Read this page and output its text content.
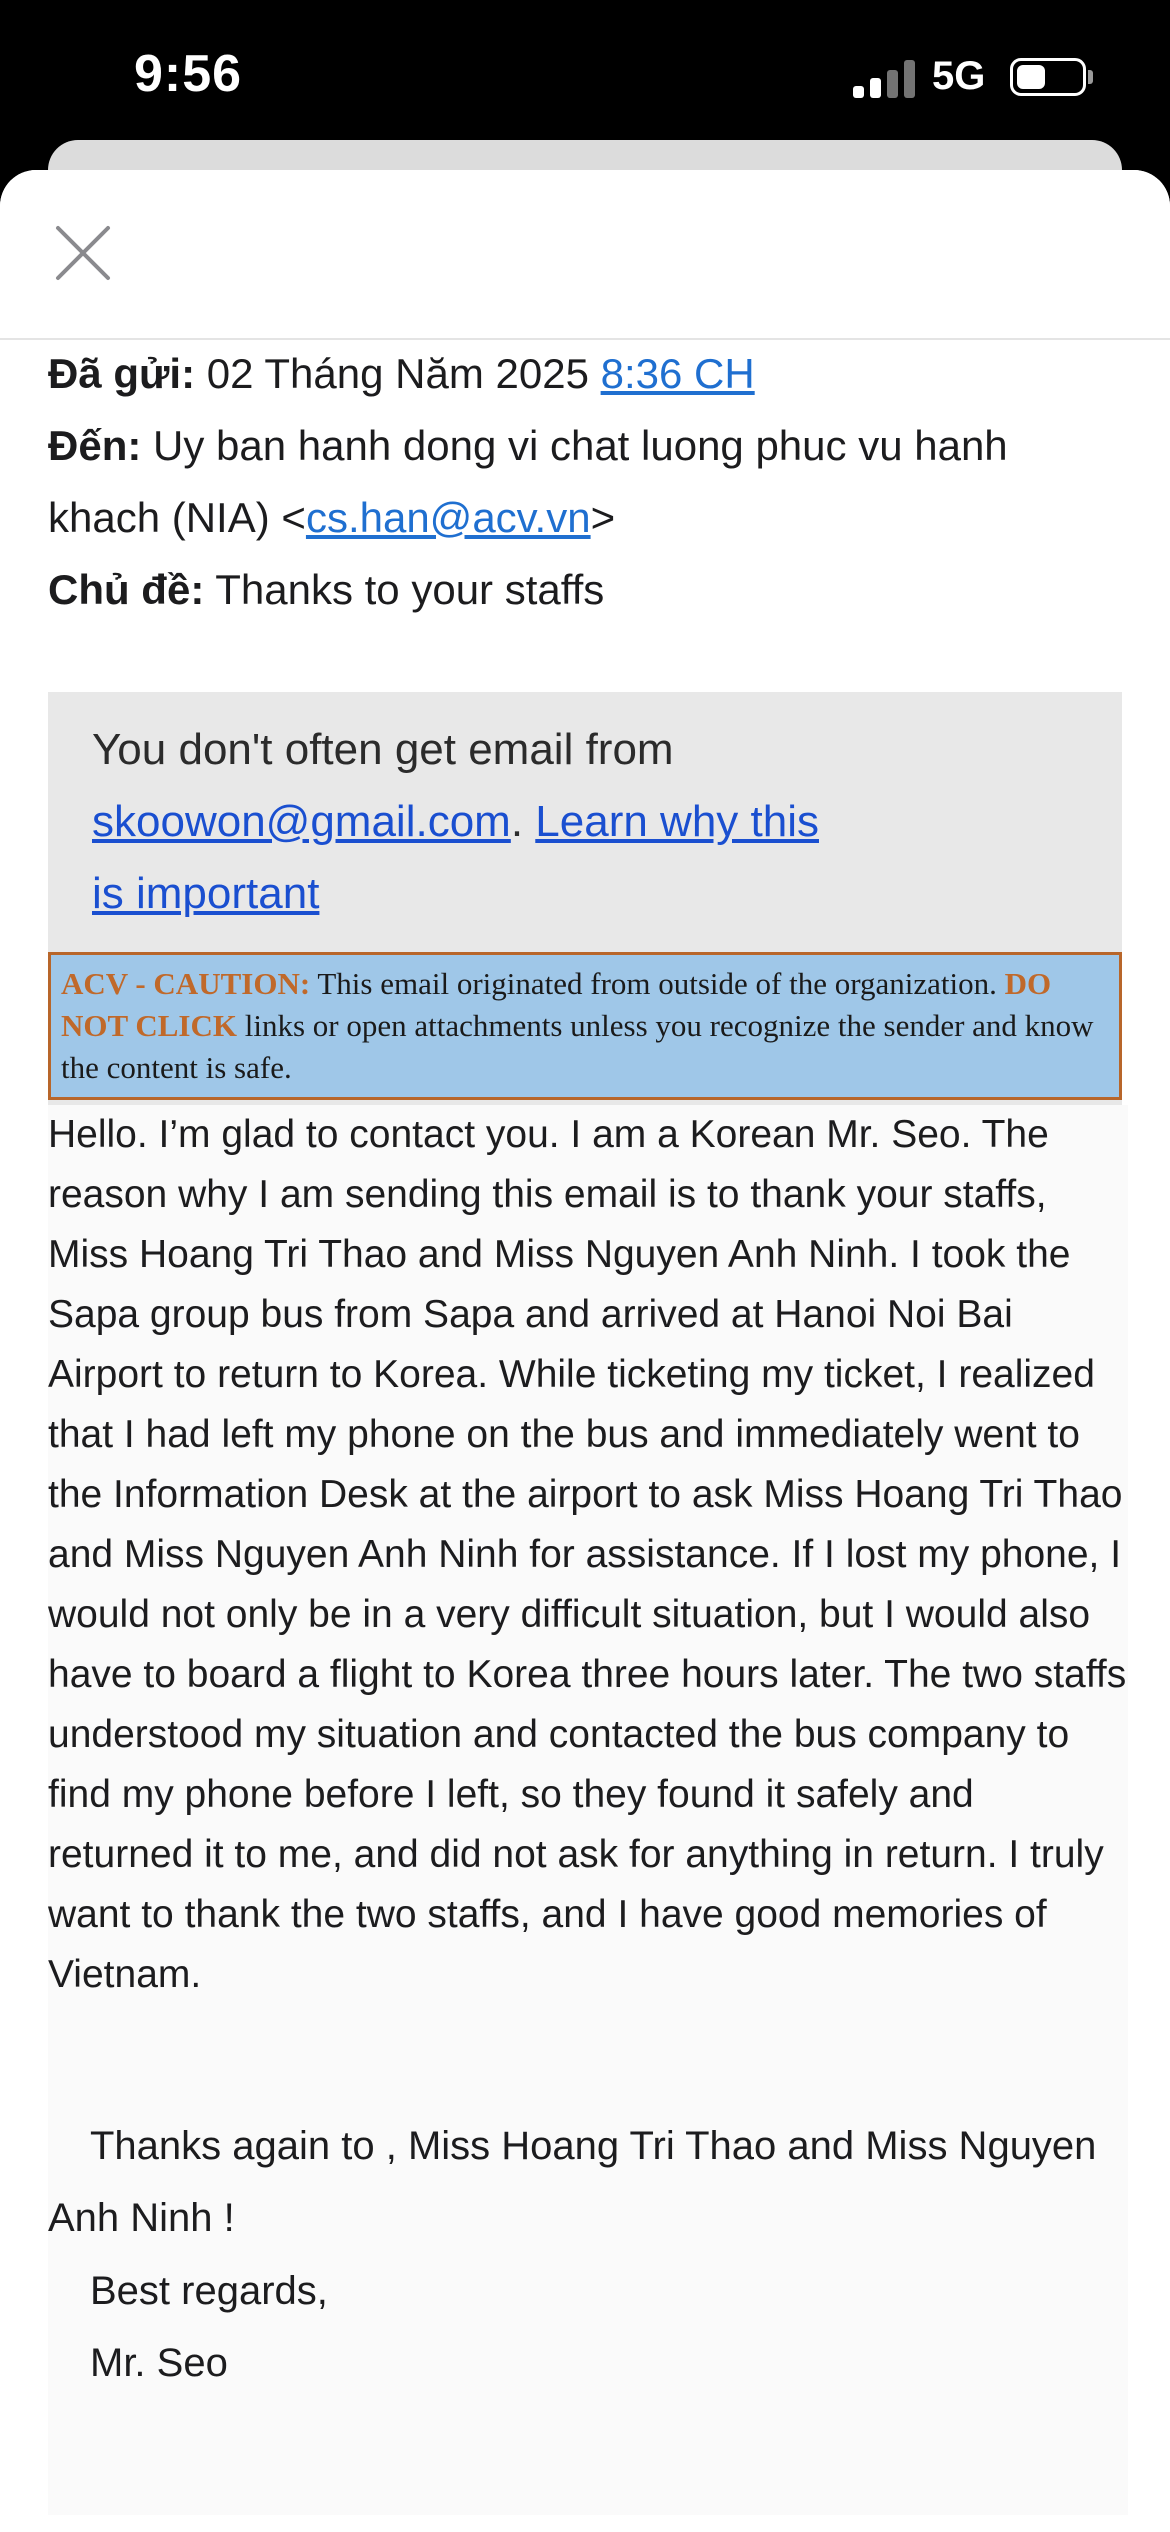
9:56	5G
Đã gửi: 02 Tháng Năm 2025 8:36 CH
Đến: Uy ban hanh dong vi chat luong phuc vu hanh khach (NIA) <cs.han@acv.vn>
Chủ đề: Thanks to your staffs
You don't often get email from skoowon@gmail.com. Learn why this is important
ACV - CAUTION: This email originated from outside of the organization. DO NOT CLICK links or open attachments unless you recognize the sender and know the content is safe.
Hello. I’m glad to contact you. I am a Korean Mr. Seo. The reason why I am sending this email is to thank your staffs, Miss Hoang Tri Thao and Miss Nguyen Anh Ninh. I took the Sapa group bus from Sapa and arrived at Hanoi Noi Bai Airport to return to Korea. While ticketing my ticket, I realized that I had left my phone on the bus and immediately went to the Information Desk at the airport to ask Miss Hoang Tri Thao and Miss Nguyen Anh Ninh for assistance. If I lost my phone, I would not only be in a very difficult situation, but I would also have to board a flight to Korea three hours later. The two staffs understood my situation and contacted the bus company to find my phone before I left, so they found it safely and returned it to me, and did not ask for anything in return. I truly want to thank the two staffs, and I have good memories of Vietnam.
Thanks again to , Miss Hoang Tri Thao and Miss Nguyen Anh Ninh !
Best regards,
Mr. Seo
